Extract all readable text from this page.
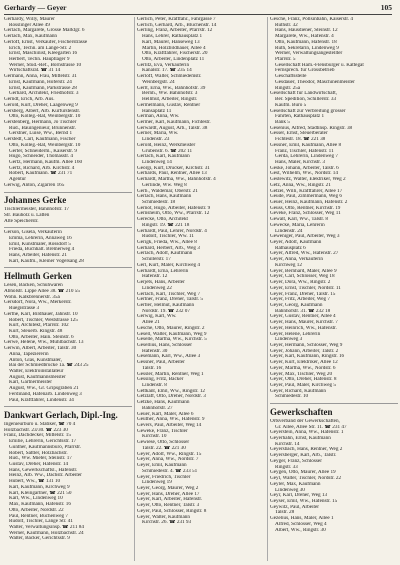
Gerhardy — Geyer	105
Gerhardy, Willy, Maurer
Rosslinger Allee 49
Gerlach, Margarete, Grosse Marktgr. 6
Gerlach, Max, Kaufmann
Gerloff, Ernst, Verkäufer, Fischerstrasse
Erich, Techn. am Lange-Str. 2
Ernst, Maschinist, Kleegarten 16
Herbert, Techn. Hauptlager 9
Werner, Stud.-Ref., Bornstrasse 10
Wirtschaftsrat. ☎ 31 14
Germann, Anna, Frau, Mittelstr. 31
Ernst, Kaufmann, Hoferstr. 24
Ernst, Kaufmann, Parkstrasse 28
Gerhard, Architekt, Friedhofstr. 3
Gerndt, Erich, Arb. Aus.
Gerold, Kurt, Dreher, Laagenweg 9
Gersberg, Albert, Arb. Kurfürstenstr.
Otto, Kolleg.-Rat, Weinbergstr. 10
Gerstenberg, Hermann, Jo Tischler
Rud., Bauingenieur, Brunnenstr.
Gerstner, Luise, Ww., Bernd 1
Gerstedt, Carl, Kaufmann, Fischer
Otto, Kolleg.-Rat, Weinbergstr. 10
Gerter, Schneiderm., Kaiserstr. 9
Hugo, Schneider, Thomasstr. 4
Gertz, Hermann, Kaufm. Allee 160
Gertz, Richard, Arb. Kirchstr. 4
Robert, Kaufmann. ☎ 231 71
Agentur
Gerwig, Anton, Zigarren 165
Johannes Gerke
Tischlermeister, Bahnhofstr. 17
Str. Bauholz u. Latten
Alte Speicherstr.
Gerson, Gisela, Verkäuferin
Emma, Lehrerin, Annaweg 16
Emil, Kunstmaler, Rossdorf 5
Frieda, Buchhalt. Bremerweg 4
Hans, Arbeiter, Hafenstr. 21
Karl, Kaufm., Kleiner Vogelsang 28
Hellmuth Gerken
Lesen, Bäcken, Schuhwaren
Abholstr. Lippe Allee 38. ☎ 210 55
Wohn. Kalkbrennerstr. 35a
Gersdorf, Nora, Ww., Merkerstr.
Rüegistrasse 3
Gerthe, Karl, Bildhauer, Jahnstr. 10
Robert, Tischler, Weststrasse 125
Kurt, Architekt, Pfarrstr. 102
Kurt, Steuerb. Ringstr. 48
Otto, Arbeiter, Hain. Steinstr. 6
Gerwe, Helene, Ww., Mühlbachstr. 13
Gerwin, Albert, Arbeiter, Talstr. 30
Anna, Tapeziererin
Anton, Glas, Kunstmaler,
Bai der Schmiedbrücke 1a. ☎ 243 25
Walter, Elektroinstallateur
August, Kaufmannsmeister
Karl, Gärtnermeister
August, Ww., Gr. Gripsgraben 21
Ferdinand, Hafenarb. Lindenweg 3
Paul, Kraftfahrer, Lindenstr. 34
Dankwart Gerlach, Dipl.-Ing.
Ingenieurbüro u. Statiker, ☎ 70 4
Holzbachstr. 23/30. ☎ 223 30
Franz, Dachdecker, Mittelstr. 15
Emilie, Lehrerin, Gerichtsstr. 17
Günther, Kaufmannsbüro, Pfarrstr.
Robert, Sattler, Holzbachstr.
Rud., Ww. Mieter, Steinstr. 17
Gustav, Dreher, Hafenstr. 14
Hans, Gewerkschaftsl., Hafenstr.
Heinz, Arb. Ww., Dachstr. Arbeiter
Hubert, Ww., ☎ 131 10
Karl, Kaufmann, Kirchweg 9
Karl, Kleingärtner, ☎ 221 50
Karl, Ww., Lindenweg 10
Max, Kaufmann, Hafenstr. 16
Otto, Arbeiter, Nordstr. 22
Paul, Rentner, Buchenweg 7
Rudolf, Tischler, Lange Str. 41
Walter, Verwaltungsinsp. ☎ 211 84
Werner, Kaufmann, Holzbachstr. 24
Walter, Bäcker, Gerichtsstr. 9
Gerlich, Peter, Kraftfahr., Fahrgasse 7
Gerlich, Gerhard, Arb., Bluchenstr. 14
Gerling, Franz, Arbeiter, Pfarrstr. 12
Hans, Lehrer, Rathausplatz 1
Karl, Maurer, Hanseweg 13
Martin, Holzbildhauer, Allee 4
Otto, Kraftfahrer, Fischerstr. 20
Otto, Arbeiter, Lindenplatz 11
Gerlitz, Eva, Verkäuferin
Kanalstr. 17. ☎ 235 14
Gerloff, Walter, Schmiedemstr.
Weinbergstr. 24
Gerlt, Erna, Ww., Bahnhofstr. 39
Bernh., Ww. Bahnhofstr. 3
Hellmut, Arbeiter, Ringstr.
Germelmann, Gustav, Rentner
Hansaplatz 11
German, Anna, Ww.
Germer, Karl, Kaufmann, Fichtestr.
Gerwardt, August, Arb., Talstr. 38
Gerner, Maria, Ww.
Lindenstr. 23
Gerold, Heinz, Werkmeister
Grubenstr. 6. ☎ 202 11
Gerlach, Karl, Kaufmann
Lindenweg 14
Georgi, Kurt, Drucker, Kirchstr. 31
Gerhards, Paul, Rentner, Allee 13
Gerhardt, Martha, Ww., Bahnhofstr. 4
Gerlinde, Ww. Weg 8
Gerb., Waldemar, Oberstr. 21
Gerlach, Hans, Kaufmann
Schmiedestr. 18
Gernot, Hugo, Arbeiter, Hafenstr. 9
Gernsheim, Otto, Ww., Pfarrstr. 12
Gerecke, Otto, Architekt
Ringstr. 19. ☎ 221 18
Gerhardt, Paul, Lehrer, Nordstr. 4
Rudolf, Tischler, Ww. 11
Gerigk, Frieda, Ww., Allee 8
Gerhard, Herbert, Arb., Weg 3
Gerlach, Adolf, Kaufmann
Schillerstr. 17
Gerl, Kurt, Maler, Kirchweg 4
Gerhardt, Erna, Lehrerin
Hafenstr. 12
Gerjets, Hans, Arbeiter
Lindenweg 22
Gerlach, Karl, Tischler, Weg 7
Gertner, Franz, Dreher, Talstr. 5
Gertler, Helmut, Kaufmann
Nordstr. 19. ☎ 232 07
Gerwig, Karl, Ww.
Allee 21
Gesche, Otto, Maurer, Ringstr. 2
Gesell, Walter, Kaufmann, Weg 9
Geselle, Martha, Ww., Kirchstr. 5
Gesellius, Hans, Schlosser
Hafenstr. 30
Gesemann, Karl, Ww., Allee 3
Gessner, Paul, Arbeiter
Talstr. 16
Gessler, Martin, Rentner, Weg 1
Gessing, Fritz, Bäcker
Lindenstr. 8
Gettkant, Emil, Ww., Ringstr. 12
Getzlaff, Otto, Dreher, Nordstr. 3
Getzke, Hans, Kaufmann
Bahnhofstr. 27
Geuer, Karl, Maler, Allee 6
Geuther, Anna, Ww., Hafenstr. 9
Gevers, Paul, Arbeiter, Weg 14
Geweke, Franz, Tischler
Kirchstr. 10
Gewiese, Otto, Schlosser
Talstr. 22. ☎ 221 30
Geyer, Adolf, Ww., Ringstr. 15
Geyer, Anna, Ww., Nordstr. 7
Geyer, Emil, Kaufmann
Schmiedestr. 4. ☎ 233 51
Geyer, Friedrich, Tischler
Lindenweg 19
Geyer, Georg, Maurer, Weg 2
Geyer, Hans, Dreher, Allee 17
Geyer, Karl, Arbeiter, Hafenstr.
Geyer, Otto, Rentner, Talstr. 3
Geyer, Paul, Schlosser, Ringstr. 8
Geyer, Walter, Kaufmann
Kirchstr. 26. ☎ 231 93
Gesche, Franz, Pollsinbahn, Kaiserstr. 4
Ruthstr. 32
Hans, Hausdiener, Steinstr. 12
Margarete, Ww., Hafenstr. 4
Otto, Kaufmann, Hafenstr. 18
Ruth, Sekretärin, Lindenweg 9
Werner, Verwaltungsangestellter
Pfarrstr. 5
Gesellschaft Ham.-Flensburger u. Kattegat
Fernsprech. für Grossbetrieb
Geschäftsstelle
Gesdauer, Theodor, Maschinenmeister
Ringstr. 25a
Gesellschaft für Landwirtschaft,
Ber. Spedition, Schillerstr. 33
Kaufm. Büro 5
Gesellschaft zur Verbreitung grosser
Fahrten, Rathausplatz 1
Bank 5
Gesenius, Alfred, Stadtinsp. Ringstr. 38
Gesser, Ernst, Steuerberater
Fichtestr. 18. ☎ 221 38
Gessner, Emil, Kaufmann, Allee 8
Franz, Tischler, Hafenstr. 11
Gerda, Lehrerin, Lindenweg 7
Hans, Maler, Kirchstr. 3
Geske, Johann, Arbeiter, Talstr. 6
Gest, Wilhelm, Ww., Nordstr. 14
Gestewitz, Walter, Elektriker, Weg 2
Getz, Anna, Ww., Ringstr. 21
Getzel, Willi, Kraftfahrer, Allee 17
Geude, Paul, Zimmermann, Weg 6
Geuer, Heinz, Kaufmann, Hafenstr. 2
Geuss, Otto, Rentner, Kirchstr. 19
Geveke, Franz, Schlosser, Weg 11
Gewalt, Karl, Ww., Talstr. 8
Gewecke, Maria, Lehrerin
Lindenstr. 24
Geweniger, Paul, Arbeiter, Weg 3
Geyer, Adolf, Kaufmann
Rathausplatz 6
Geyer, Alfred, Ww., Hafenstr. 27
Geyer, Anna, Verkäuferin
Kirchweg 12
Geyer, Bernhard, Maler, Allee 9
Geyer, Carl, Schlosser, Weg 18
Geyer, Dora, Ww., Ringstr. 2
Geyer, Ernst, Tischler, Nordstr. 11
Geyer, Franz, Dreher, Talstr. 15
Geyer, Fritz, Arbeiter, Weg 7
Geyer, Georg, Kaufmann
Bahnhofstr. 31. ☎ 232 18
Geyer, Gustav, Rentner, Allee 4
Geyer, Hans, Maurer, Kirchstr. 7
Geyer, Heinrich, Ww., Hafenstr.
Geyer, Helene, Lehrerin
Lindenweg 3
Geyer, Hermann, Schlosser, Weg 9
Geyer, Johann, Arbeiter, Talstr. 2
Geyer, Karl, Kaufmann, Ringstr. 16
Geyer, Kurt, Elektriker, Allee 12
Geyer, Martha, Ww., Nordstr. 6
Geyer, Max, Tischler, Weg 20
Geyer, Otto, Dreher, Hafenstr. 8
Geyer, Paul, Maler, Kirchweg 5
Geyer, Richard, Kaufmann
Schmiedestr. 10
Gewerkschaften
Ortsverband der Gewerkschaften,
Gr. Allee, Allee Str. 11. ☎ 231 47
Geyerstein, Anna, Ww., Hafenstr. 1
Geyerhahn, Ernst, Kaufmann
Kirchstr. 14
Geyersbach, Hans, Rentner, Weg 2
Geyersberger, Karl, Arb., Talstr.
Geyger, Franz, Schlosser
Ringstr. 33
Geygen, Otto, Maurer, Allee 19
Geyl, Walter, Tischler, Nordstr. 22
Geyler, Max, Kaufmann
Lindenweg 30
Geyr, Karl, Dreher, Weg 13
Geyser, Emil, Ww., Hafenstr. 15
Geywitz, Paul, Arbeiter
Talstr. 28
Gezelius, Hans, Maler, Allee 1
Alfred, Schlosser, Weg 4
Albert, Ww., Ringstr. 30
